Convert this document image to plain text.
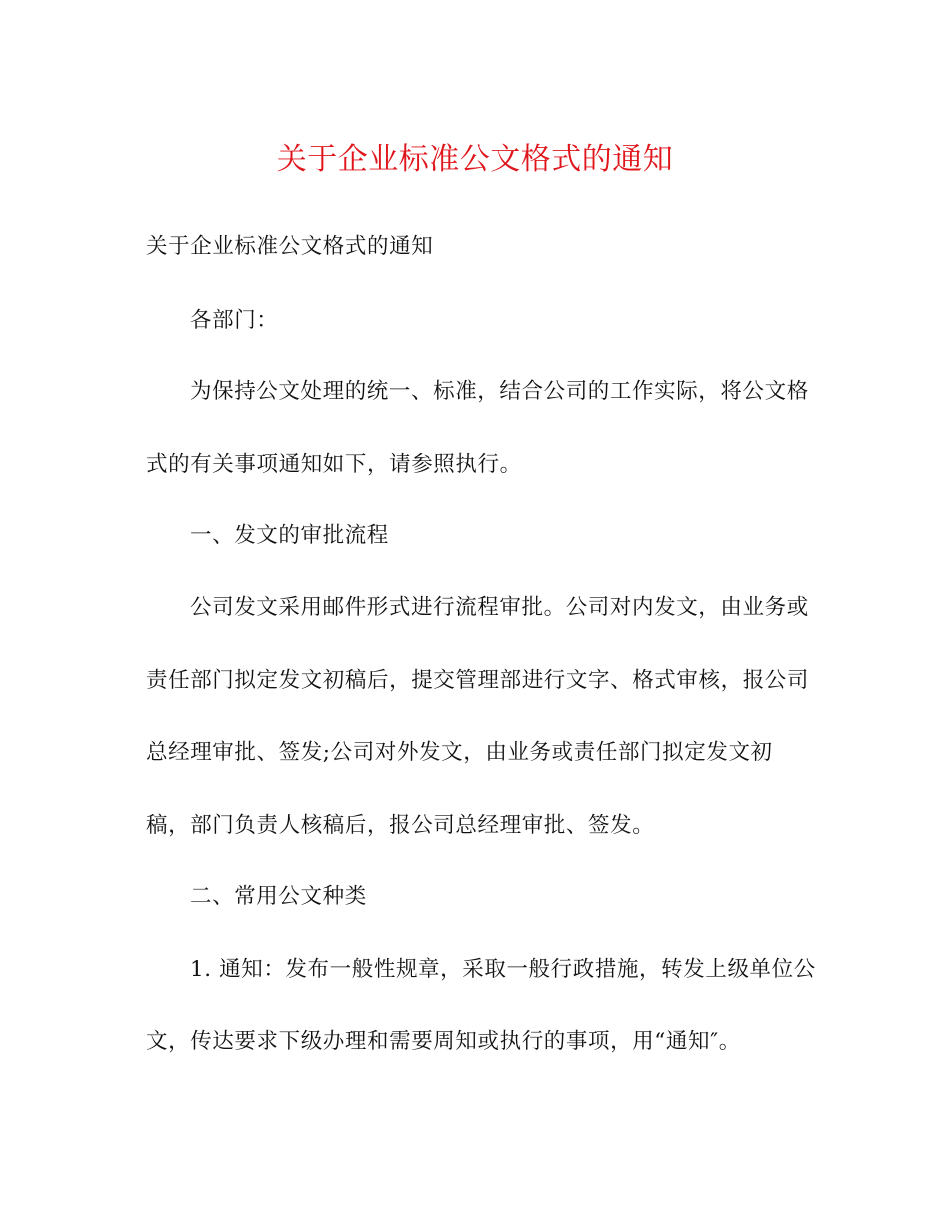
关于企业标准公文格式的通知
关于企业标准公文格式的通知
各部门：
为保持公文处理的统一、标准，结合公司的工作实际，将公文格
式的有关事项通知如下，请参照执行。
一、发文的审批流程
公司发文采用邮件形式进行流程审批。公司对内发文，由业务或
责任部门拟定发文初稿后，提交管理部进行文字、格式审核，报公司
总经理审批、签发;公司对外发文，由业务或责任部门拟定发文初
稿，部门负责人核稿后，报公司总经理审批、签发。
二、常用公文种类
1. 通知：发布一般性规章，采取一般行政措施，转发上级单位公
文，传达要求下级办理和需要周知或执行的事项，用“通知″。
